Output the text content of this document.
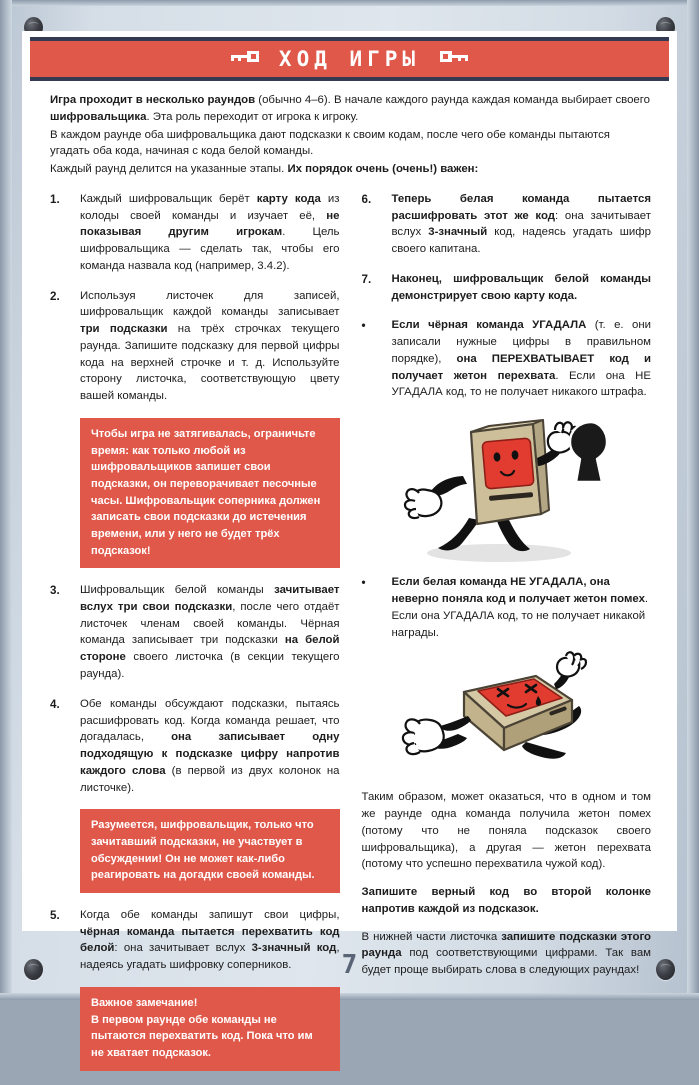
ХОД ИГРЫ

Игра проходит в несколько раундов (обычно 4–6). В начале каждого раунда каждая команда выбирает своего шифровальщика. Эта роль переходит от игрока к игроку.

В каждом раунде оба шифровальщика дают подсказки к своим кодам, после чего обе команды пытаются угадать оба кода, начиная с кода белой команды.

Каждый раунд делится на указанные этапы. Их порядок очень (очень!) важен:

1.	Каждый шифровальщик берёт карту кода из колоды своей команды и изучает её, не показывая другим игрокам. Цель шифровальщика — сделать так, чтобы его команда назвала код (например, 3.4.2).
2.	Используя листочек для записей, шифровальщик каждой команды записывает три подсказки на трёх строчках текущего раунда. Запишите подсказку для первой цифры кода на верхней строчке и т. д. Используйте сторону листочка, соответствующую цвету вашей команды.
Чтобы игра не затягивалась, ограничьте время: как только любой из шифровальщиков запишет свои подсказки, он переворачивает песочные часы. Шифровальщик соперника должен записать свои подсказки до истечения времени, или у него не будет трёх подсказок!
3.	Шифровальщик белой команды зачитывает вслух три свои подсказки, после чего отдаёт листочек членам своей команды. Чёрная команда записывает три подсказки на белой стороне своего листочка (в секции текущего раунда).
4.	Обе команды обсуждают подсказки, пытаясь расшифровать код. Когда команда решает, что догадалась, она записывает одну подходящую к подсказке цифру напротив каждого слова (в первой из двух колонок на листочке).
Разумеется, шифровальщик, только что зачитавший подсказки, не участвует в обсуждении! Он не может как-либо реагировать на догадки своей команды.
5.	Когда обе команды запишут свои цифры, чёрная команда пытается перехватить код белой: она зачитывает вслух 3-значный код, надеясь угадать шифровку соперников.
Важное замечание!
В первом раунде обе команды не пытаются перехватить код. Пока что им не хватает подсказок.
6.	Теперь белая команда пытается расшифровать этот же код: она зачитывает вслух 3-значный код, надеясь угадать шифр своего капитана.
7.	Наконец, шифровальщик белой команды демонстрирует свою карту кода.
•	Если чёрная команда УГАДАЛА (т. е. они записали нужные цифры в правильном порядке), она ПЕРЕХВАТЫВАЕТ код и получает жетон перехвата. Если она НЕ УГАДАЛА код, то не получает никакого штрафа.
•	Если белая команда НЕ УГАДАЛА, она неверно поняла код и получает жетон помех. Если она УГАДАЛА код, то не получает никакой награды.

Таким образом, может оказаться, что в одном и том же раунде одна команда получила жетон помех (потому что не поняла подсказок своего шифровальщика), а другая — жетон перехвата (потому что успешно перехватила чужой код).

Запишите верный код во второй колонке напротив каждой из подсказок.

В нижней части листочка запишите подсказки этого раунда под соответствующими цифрами. Так вам будет проще выбирать слова в следующих раундах!

7
